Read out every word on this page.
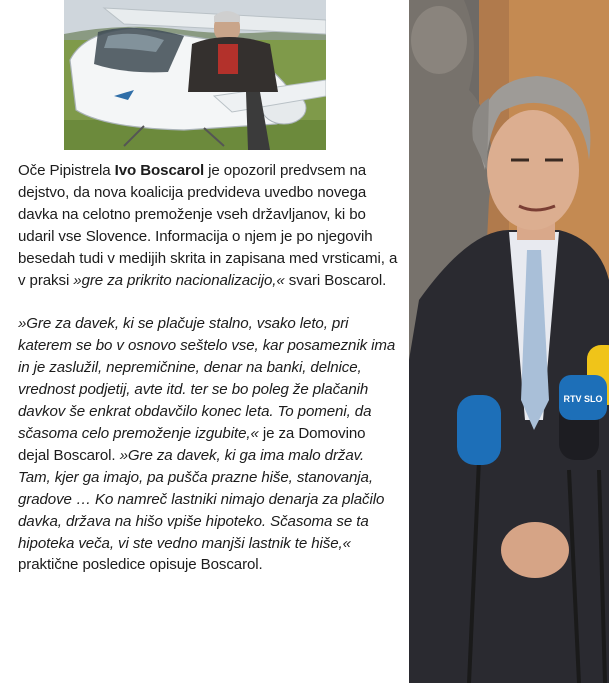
Oče Pipistrela Ivo Boscarol je opozoril predvsem na dejstvo, da nova koalicija predvideva uvedbo novega davka na celotno premoženje vseh državljanov, ki bo udaril vse Slovence. Informacija o njem je po njegovih besedah tudi v medijih skrita in zapisana med vrsticami, a v praksi »gre za prikrito nacionalizacijo,« svari Boscarol.

»Gre za davek, ki se plačuje stalno, vsako leto, pri katerem se bo v osnovo seštelo vse, kar posameznik ima in je zaslužil, nepremičnine, denar na banki, delnice, vrednost podjetij, avte itd. ter se bo poleg že plačanih davkov še enkrat obdavčilo konec leta. To pomeni, da sčasoma celo premoženje izgubite,« je za Domovino dejal Boscarol. »Gre za davek, ki ga ima malo držav. Tam, kjer ga imajo, pa pušča prazne hiše, stanovanja, gradove … Ko namreč lastniki nimajo denarja za plačilo davka, država na hišo vpiše hipoteko. Sčasoma se ta hipoteka veča, vi ste vedno manjši lastnik te hiše,« praktične posledice opisuje Boscarol.

RTV SLO
